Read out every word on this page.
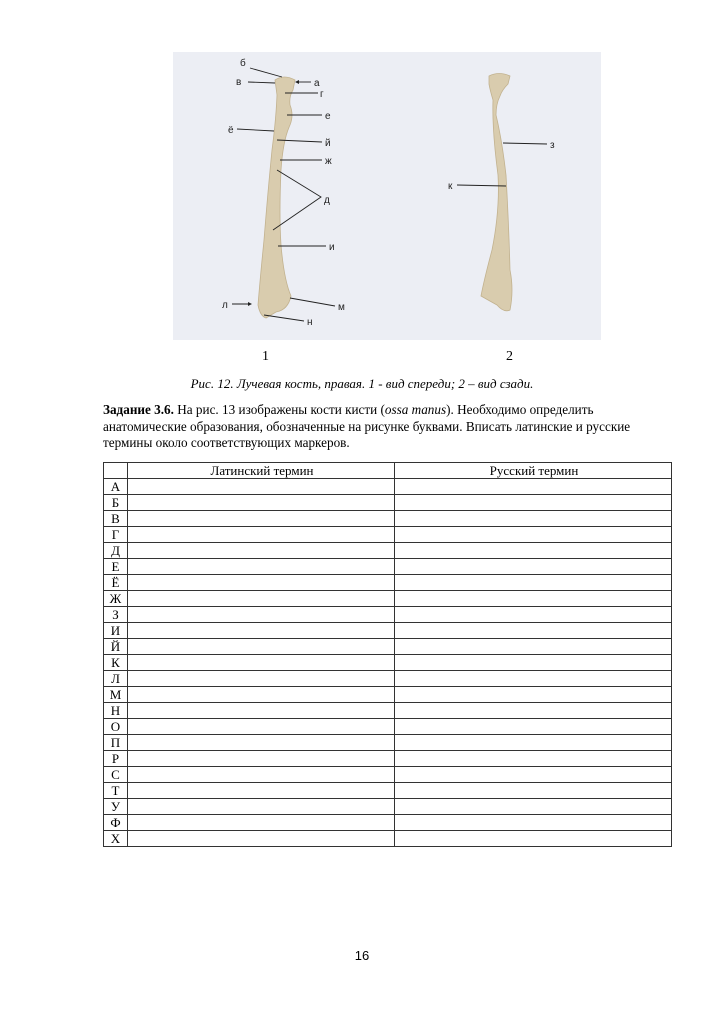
б
в	а
г
е
ё
й
ж
д
и
л	м
н
з
к
1	2
Рис. 12. Лучевая кость, правая. 1 - вид спереди; 2 – вид сзади.
Задание 3.6. На рис. 13 изображены кости кисти (ossa manus). Необходимо определить анатомические образования, обозначенные на рисунке буквами. Вписать латинские и русские термины около соответствующих маркеров.
	Латинский термин	Русский термин
А		
Б		
В		
Г		
Д		
Е		
Ё		
Ж		
З		
И		
Й		
К		
Л		
М		
Н		
О		
П		
Р		
С		
Т		
У		
Ф		
Х		
16
